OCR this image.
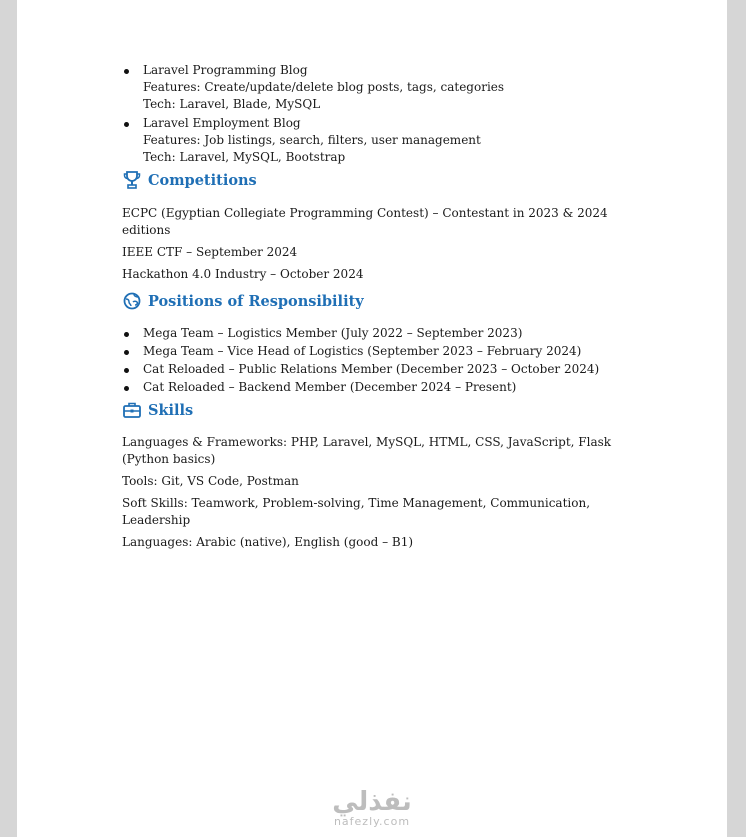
Laravel Programming Blog
Features: Create/update/delete blog posts, tags, categories
Tech: Laravel, Blade, MySQL
Laravel Employment Blog
Features: Job listings, search, filters, user management
Tech: Laravel, MySQL, Bootstrap
Competitions

ECPC (Egyptian Collegiate Programming Contest) – Contestant in 2023 & 2024 editions

IEEE CTF – September 2024

Hackathon 4.0 Industry – October 2024

Positions of Responsibility
Mega Team – Logistics Member (July 2022 – September 2023)
Mega Team – Vice Head of Logistics (September 2023 – February 2024)
Cat Reloaded – Public Relations Member (December 2023 – October 2024)
Cat Reloaded – Backend Member (December 2024 – Present)
Skills

Languages & Frameworks: PHP, Laravel, MySQL, HTML, CSS, JavaScript, Flask (Python basics)

Tools: Git, VS Code, Postman

Soft Skills: Teamwork, Problem-solving, Time Management, Communication, Leadership

Languages: Arabic (native), English (good – B1)

نفذلي
nafezly.com
